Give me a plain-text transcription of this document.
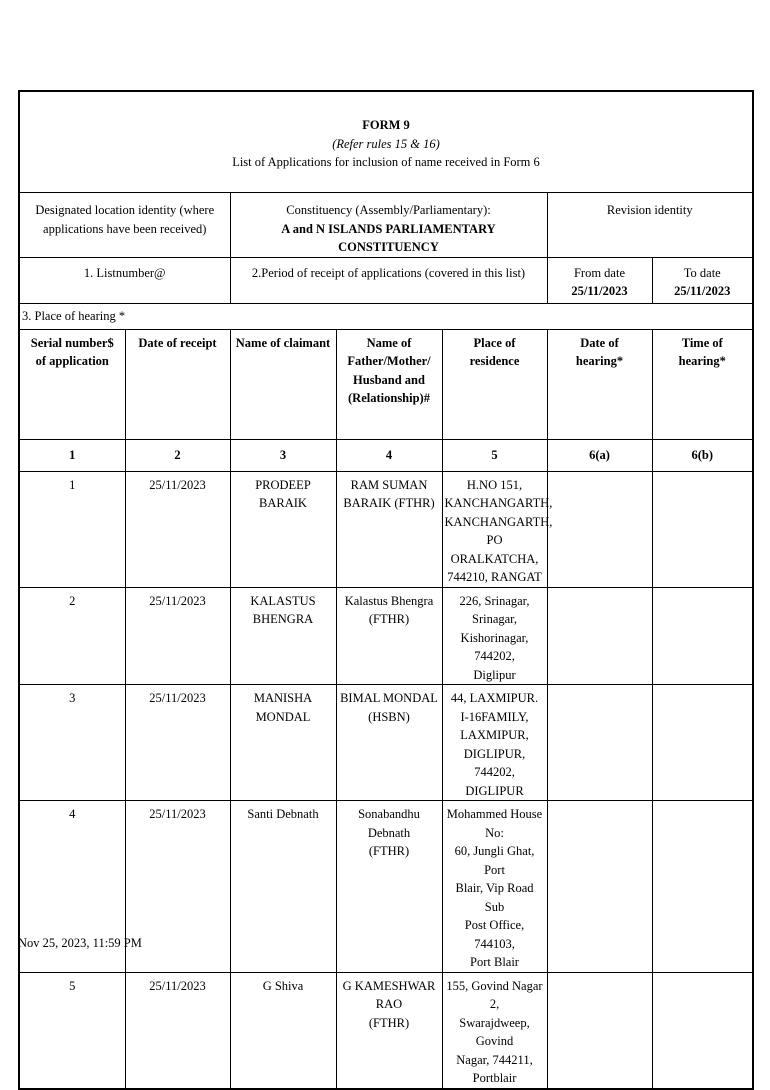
FORM 9
(Refer rules 15 & 16)
List of Applications for inclusion of name received in Form 6						

Designated location identity (where
applications have been received)		Constituency (Assembly/Parliamentary):
A and N ISLANDS PARLIAMENTARY CONSTITUENCY			Revision identity	

1. Listnumber@		2.Period of receipt of applications (covered in this list)			From date
25/11/2023	To date
25/11/2023

3. Place of hearing *						

Serial number$
of application	Date of receipt	Name of claimant	Name of
Father/Mother/
Husband and
(Relationship)#	Place of
residence	Date of
hearing*	Time of
hearing*

1	2	3	4	5	6(a)	6(b)
1	25/11/2023	PRODEEP BARAIK	RAM SUMAN
BARAIK (FTHR)	H.NO 151,
KANCHANGARTH,
KANCHANGARTH,
PO ORALKATCHA,
744210, RANGAT		

2	25/11/2023	KALASTUS
BHENGRA	Kalastus Bhengra
(FTHR)	226, Srinagar, Srinagar,
Kishorinagar, 744202,
Diglipur		

3	25/11/2023	MANISHA MONDAL	BIMAL MONDAL
(HSBN)	44, LAXMIPUR.
I-16FAMILY,
LAXMIPUR,
DIGLIPUR, 744202,
DIGLIPUR		

4	25/11/2023	Santi Debnath	Sonabandhu Debnath
(FTHR)	Mohammed House No:
60, Jungli Ghat, Port
Blair, Vip Road Sub
Post Office, 744103,
Port Blair		

5	25/11/2023	G Shiva	G KAMESHWAR RAO
(FTHR)	155, Govind Nagar 2,
Swarajdweep, Govind
Nagar, 744211, Portblair		

Nov 25, 2023, 11:59 PM
